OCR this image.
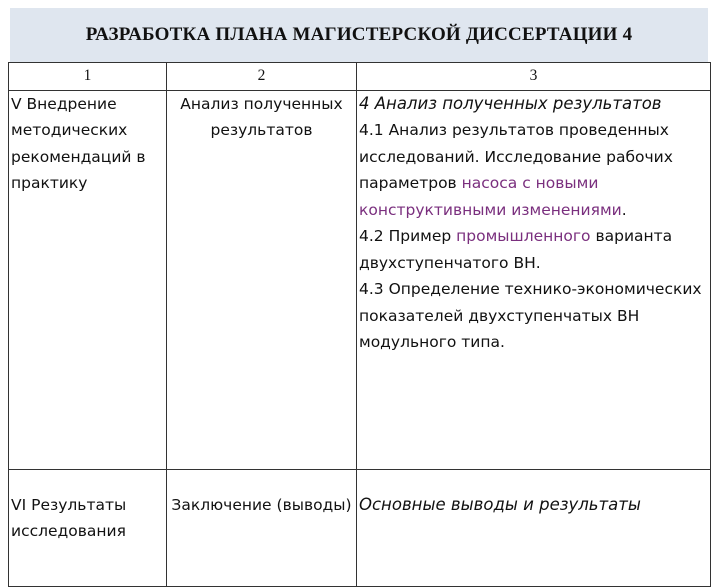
РАЗРАБОТКА ПЛАНА МАГИСТЕРСКОЙ ДИССЕРТАЦИИ 4
1	2	3

V Внедрение методических рекомендаций в практику	Анализ полученных результатов	4 Анализ полученных результатов

4.1 Анализ результатов проведенных исследований. Исследование рабочих параметров насоса с новыми конструктивными изменениями.

4.2 Пример промышленного варианта двухступенчатого ВН.

4.3 Определение технико-экономических показателей двухступенчатых ВН модульного типа.

VI Результаты исследования	Заключение (выводы)	Основные выводы и результаты
